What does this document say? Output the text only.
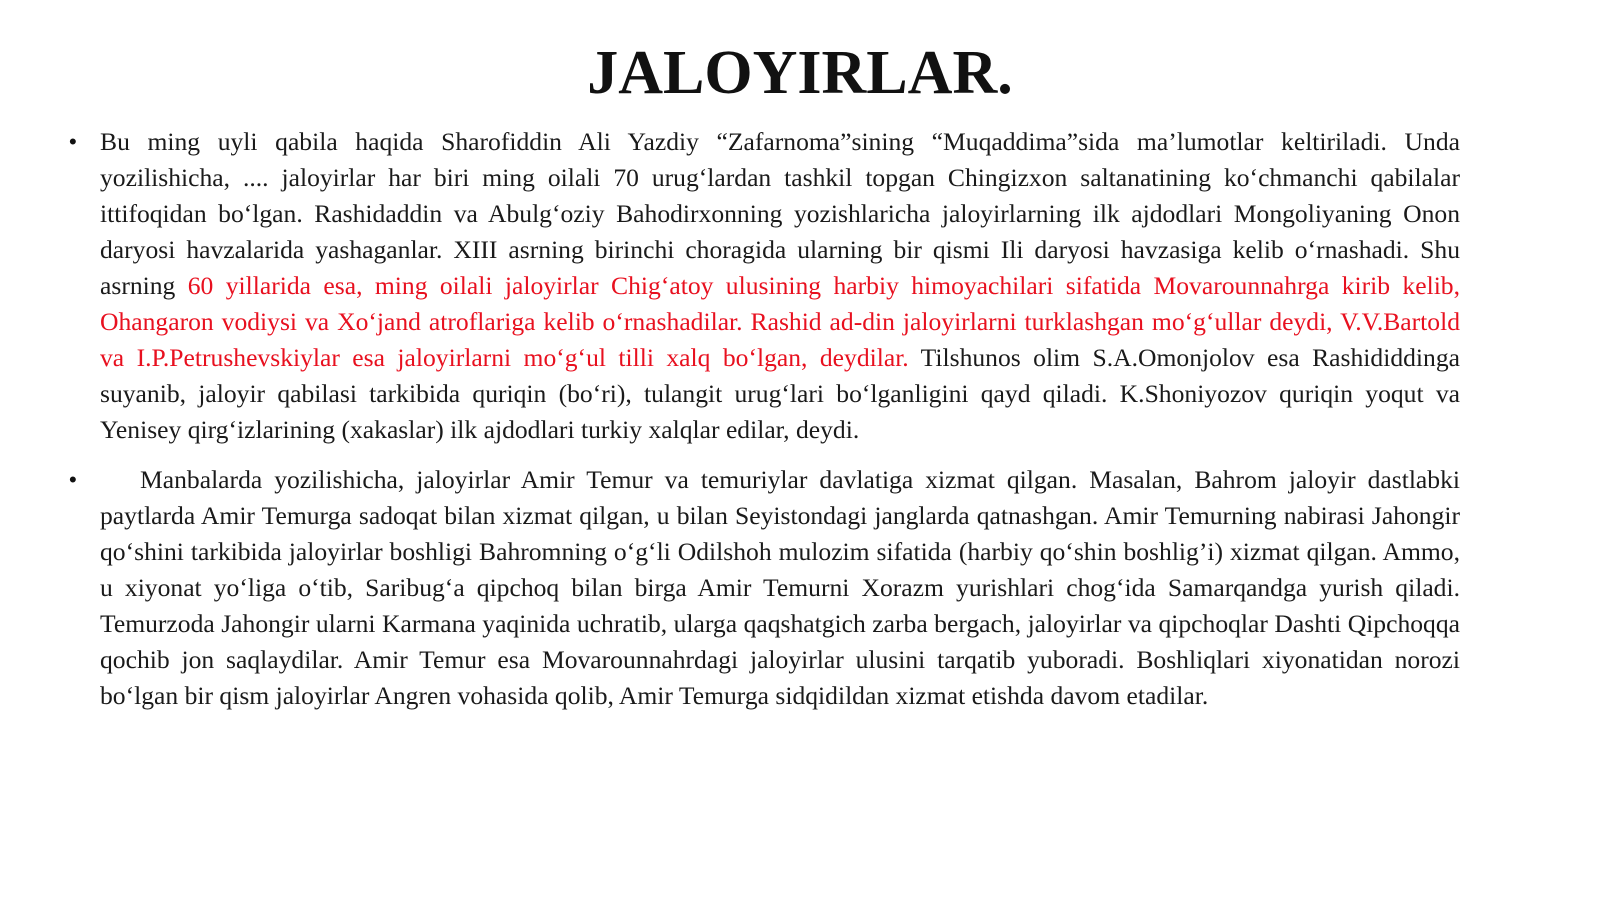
JALOYIRLAR.

• Bu ming uyli qabila haqida Sharofiddin Ali Yazdiy “Zafarnoma”sining “Muqaddima”sida ma’lumotlar keltiriladi. Unda yozilishicha, .... jaloyirlar har biri ming oilali 70 urug‘lardan tashkil topgan Chingizxon saltanatining ko‘chmanchi qabilalar ittifoqidan bo‘lgan. Rashidaddin va Abulg‘oziy Bahodirxonning yozishlaricha jaloyirlarning ilk ajdodlari Mongoliyaning Onon daryosi havzalarida yashaganlar. XIII asrning birinchi choragida ularning bir qismi Ili daryosi havzasiga kelib o‘rnashadi. Shu asrning 60 yillarida esa, ming oilali jaloyirlar Chig‘atoy ulusining harbiy himoyachilari sifatida Movarounnahrga kirib kelib, Ohangaron vodiysi va Xo‘jand atroflariga kelib o‘rnashadilar. Rashid ad-din jaloyirlarni turklashgan mo‘g‘ullar deydi, V.V.Bartold va I.P.Petrushevskiylar esa jaloyirlarni mo‘g‘ul tilli xalq bo‘lgan, deydilar. Tilshunos olim S.A.Omonjolov esa Rashididdinga suyanib, jaloyir qabilasi tarkibida quriqin (bo‘ri), tulangit urug‘lari bo‘lganligini qayd qiladi. K.Shoniyozov quriqin yoqut va Yenisey qirg‘izlarining (xakaslar) ilk ajdodlari turkiy xalqlar edilar, deydi.

• Manbalarda yozilishicha, jaloyirlar Amir Temur va temuriylar davlatiga xizmat qilgan. Masalan, Bahrom jaloyir dastlabki paytlarda Amir Temurga sadoqat bilan xizmat qilgan, u bilan Seyistondagi janglarda qatnashgan. Amir Temurning nabirasi Jahongir qo‘shini tarkibida jaloyirlar boshligi Bahromning o‘g‘li Odilshoh mulozim sifatida (harbiy qo‘shin boshlig’i) xizmat qilgan. Ammo, u xiyonat yo‘liga o‘tib, Saribug‘a qipchoq bilan birga Amir Temurni Xorazm yurishlari chog‘ida Samarqandga yurish qiladi. Temurzoda Jahongir ularni Karmana yaqinida uchratib, ularga qaqshatgich zarba bergach, jaloyirlar va qipchoqlar Dashti Qipchoqqa qochib jon saqlaydilar. Amir Temur esa Movarounnahrdagi jaloyirlar ulusini tarqatib yuboradi. Boshliqlari xiyonatidan norozi bo‘lgan bir qism jaloyirlar Angren vohasida qolib, Amir Temurga sidqidildan xizmat etishda davom etadilar.
